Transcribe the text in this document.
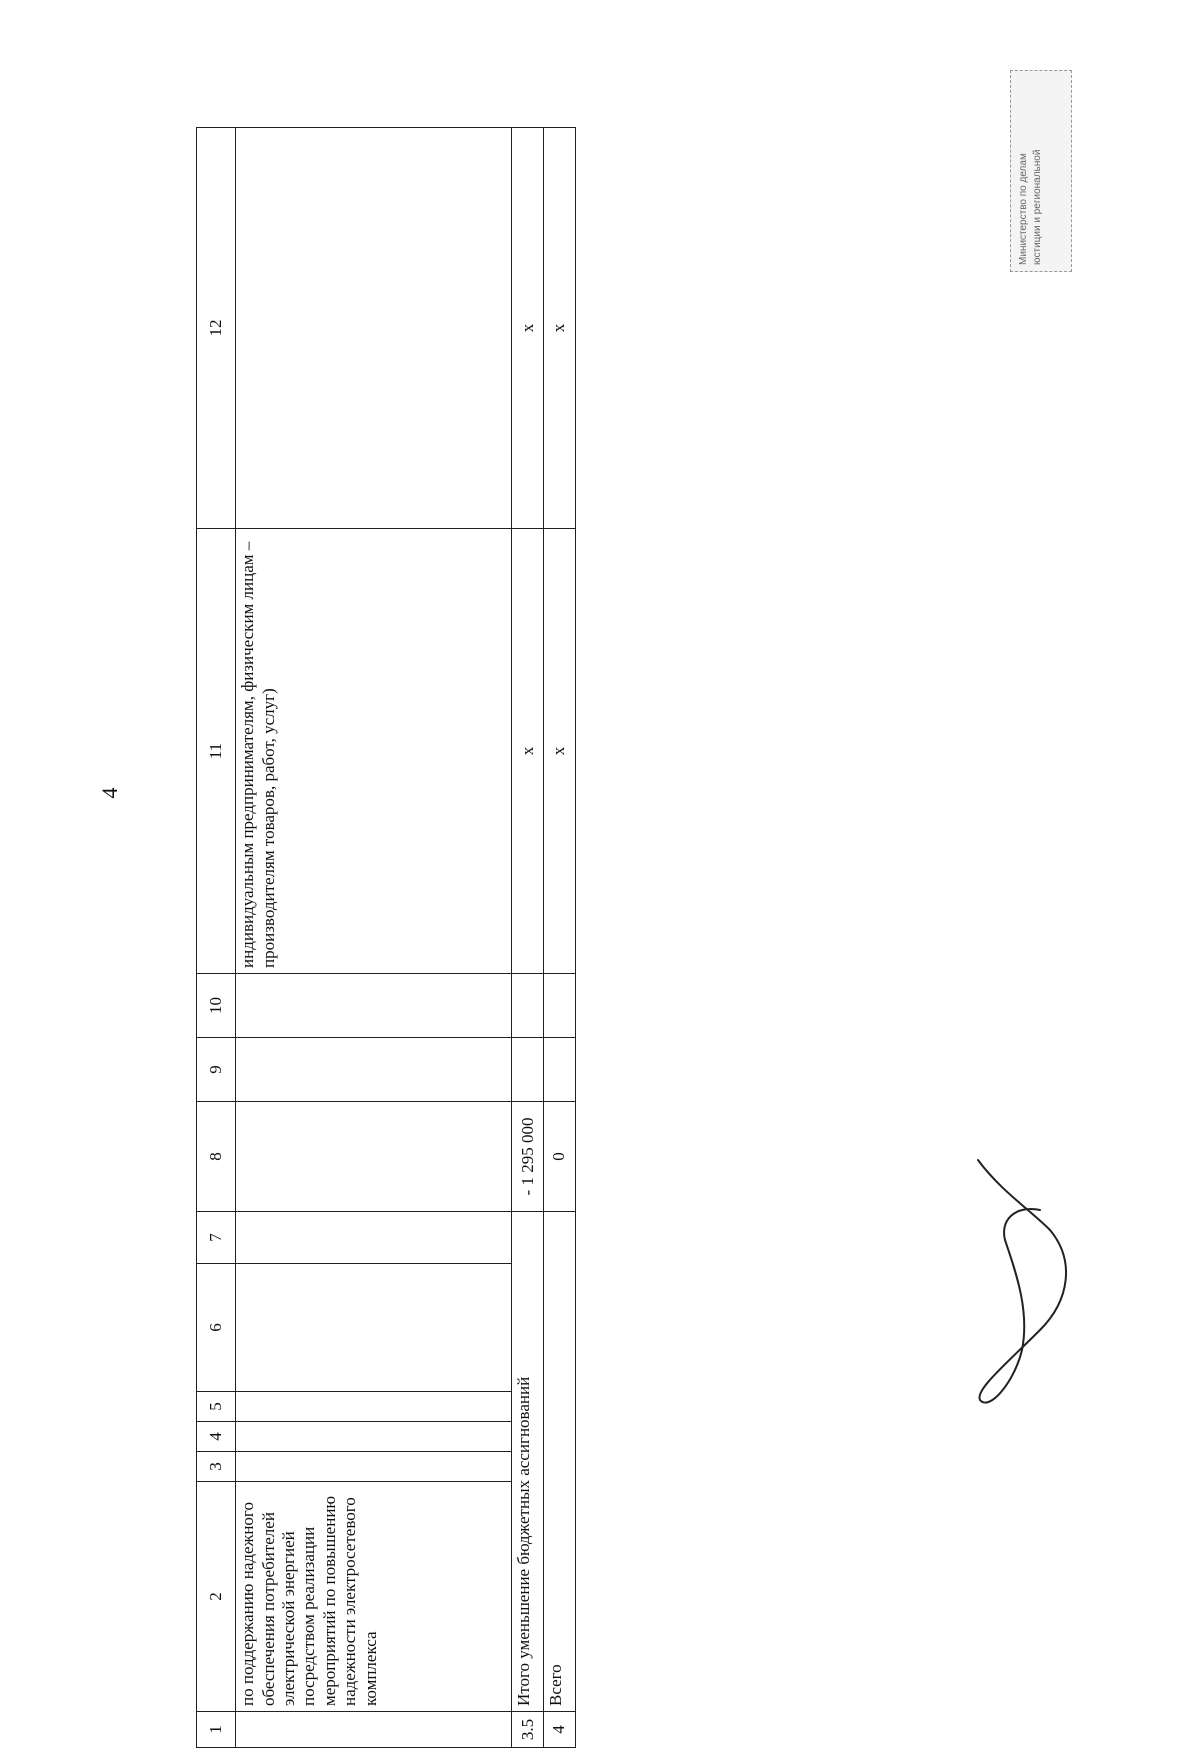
4
1	2	3	4	5	6	7	8	9	10	11	12
	по поддержанию надежного обеспечения потребителей электрической энергией посредством реализации мероприятий по повышению надежности электросетевого комплекса									индивидуальным предпринимателям, физическим лицам – производителям товаров, работ, услуг)	
3.5	Итого уменьшение бюджетных ассигнований						- 1 295 000			х	х
4	Всего						0			х	х
Министерство по делам юстиции и региональной
